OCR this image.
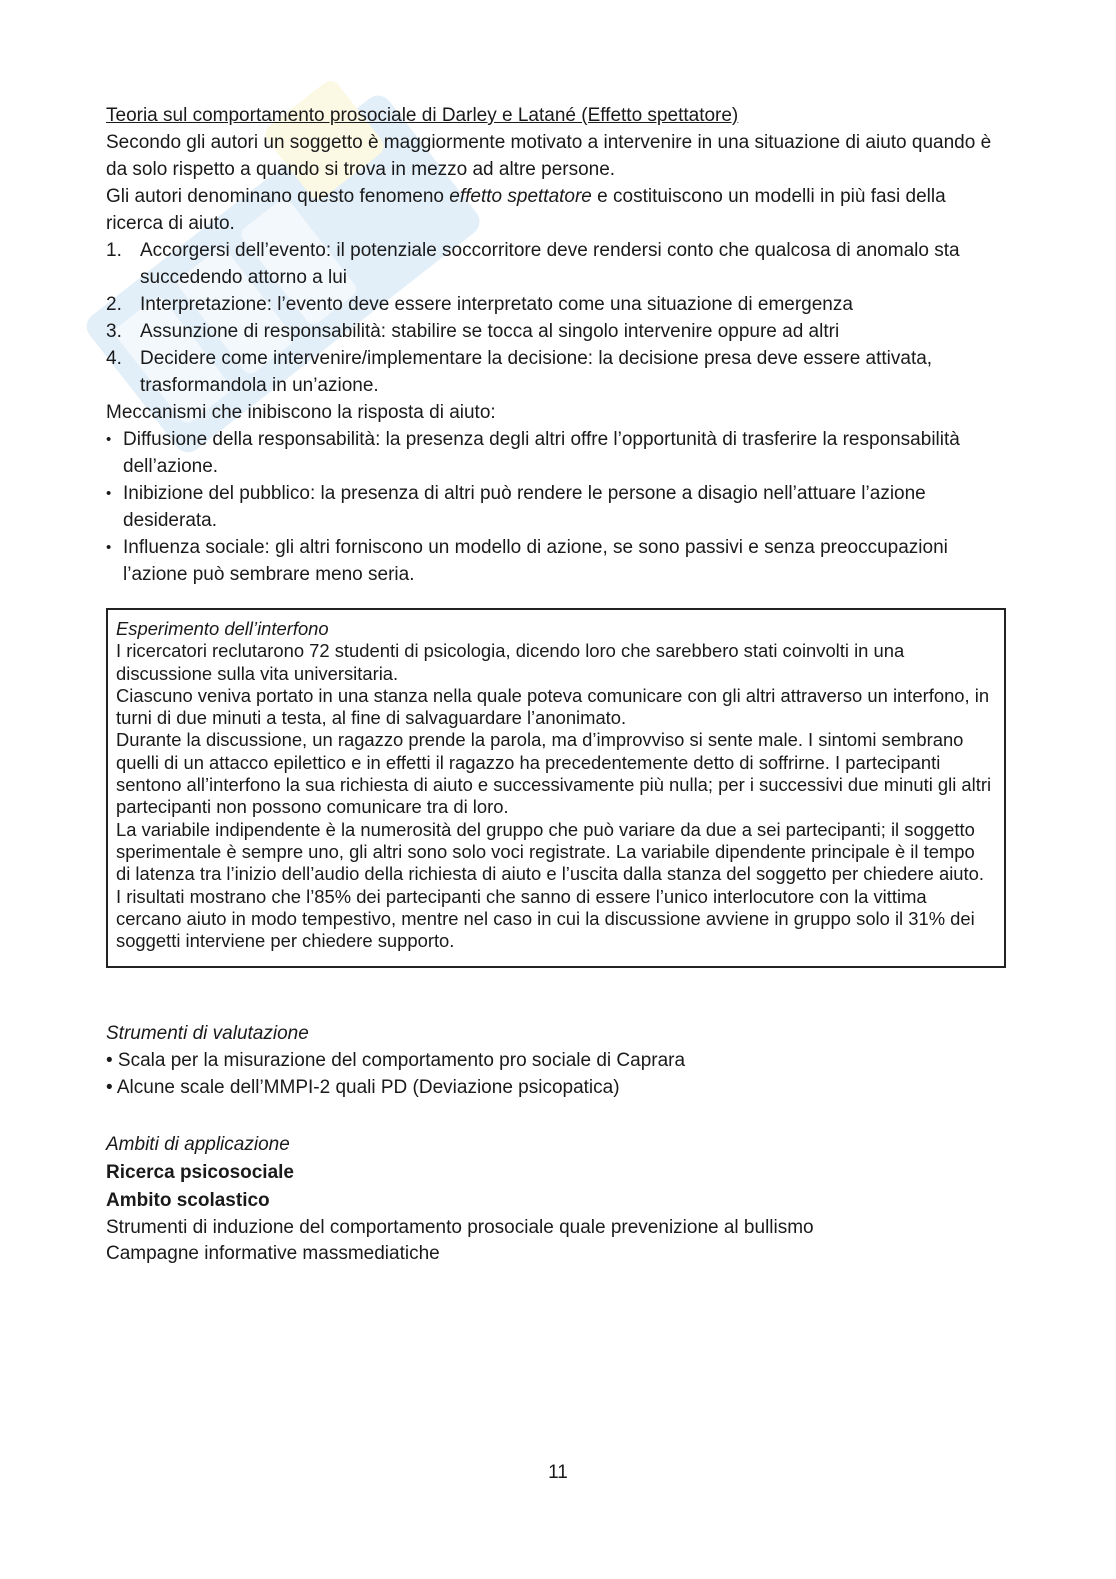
Teoria sul comportamento prosociale di Darley e Latané (Effetto spettatore)

Secondo gli autori un soggetto è maggiormente motivato a intervenire in una situazione di aiuto quando è da solo rispetto a quando si trova in mezzo ad altre persone.

Gli autori denominano questo fenomeno effetto spettatore e costituiscono un modelli in più fasi della ricerca di aiuto.

1. Accorgersi dell’evento: il potenziale soccorritore deve rendersi conto che qualcosa di anomalo sta succedendo attorno a lui
2. Interpretazione: l’evento deve essere interpretato come una situazione di emergenza
3. Assunzione di responsabilità: stabilire se tocca al singolo intervenire oppure ad altri
4. Decidere come intervenire/implementare la decisione: la decisione presa deve essere attivata, trasformandola in un’azione.

Meccanismi che inibiscono la risposta di aiuto:

• Diffusione della responsabilità: la presenza degli altri offre l’opportunità di trasferire la responsabilità dell’azione.
• Inibizione del pubblico: la presenza di altri può rendere le persone a disagio nell’attuare l’azione desiderata.
• Influenza sociale: gli altri forniscono un modello di azione, se sono passivi e senza preoccupazioni l’azione può sembrare meno seria.
Esperimento dell’interfono
I ricercatori reclutarono 72 studenti di psicologia, dicendo loro che sarebbero stati coinvolti in una discussione sulla vita universitaria.
Ciascuno veniva portato in una stanza nella quale poteva comunicare con gli altri attraverso un interfono, in turni di due minuti a testa, al fine di salvaguardare l’anonimato.
Durante la discussione, un ragazzo prende la parola, ma d’improvviso si sente male. I sintomi sembrano quelli di un attacco epilettico e in effetti il ragazzo ha precedentemente detto di soffrirne. I partecipanti sentono all’interfono la sua richiesta di aiuto e successivamente più nulla; per i successivi due minuti gli altri partecipanti non possono comunicare tra di loro.
La variabile indipendente è la numerosità del gruppo che può variare da due a sei partecipanti; il soggetto sperimentale è sempre uno, gli altri sono solo voci registrate. La variabile dipendente principale è il tempo di latenza tra l’inizio dell’audio della richiesta di aiuto e l’uscita dalla stanza del soggetto per chiedere aiuto.
I risultati mostrano che l’85% dei partecipanti che sanno di essere l’unico interlocutore con la vittima cercano aiuto in modo tempestivo, mentre nel caso in cui la discussione avviene in gruppo solo il 31% dei soggetti interviene per chiedere supporto.

Strumenti di valutazione

• Scala per la misurazione del comportamento pro sociale di Caprara
• Alcune scale dell’MMPI-2 quali PD (Deviazione psicopatica)

Ambiti di applicazione

Ricerca psicosociale

Ambito scolastico

Strumenti di induzione del comportamento prosociale quale prevenizione al bullismo

Campagne informative massmediatiche

11
